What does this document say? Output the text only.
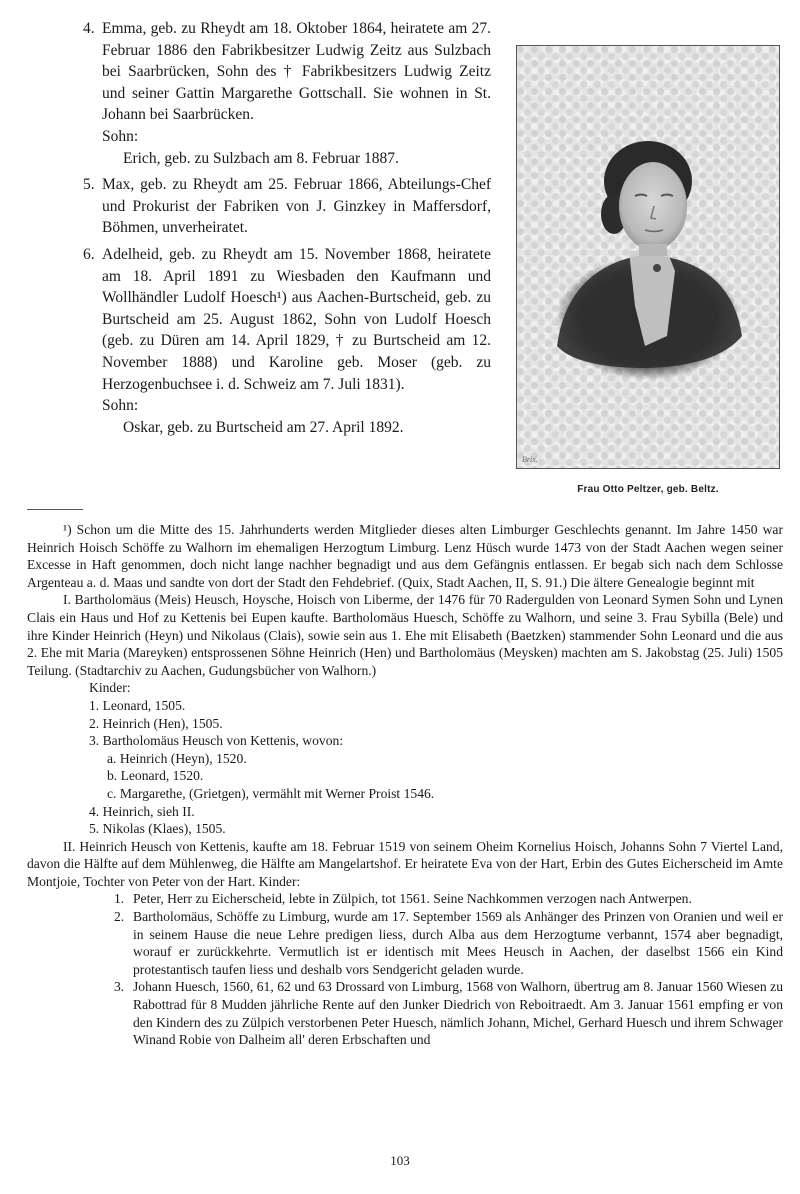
4. Emma, geb. zu Rheydt am 18. Oktober 1864, heiratete am 27. Februar 1886 den Fabrikbesitzer Ludwig Zeitz aus Sulzbach bei Saarbrücken, Sohn des † Fabrikbesitzers Ludwig Zeitz und seiner Gattin Margarethe Gottschall. Sie wohnen in St. Johann bei Saarbrücken.
Sohn:
Erich, geb. zu Sulzbach am 8. Februar 1887.
5. Max, geb. zu Rheydt am 25. Februar 1866, Abteilungs-Chef und Prokurist der Fabriken von J. Ginzkey in Maffersdorf, Böhmen, unverheiratet.
6. Adelheid, geb. zu Rheydt am 15. November 1868, heiratete am 18. April 1891 zu Wiesbaden den Kaufmann und Wollhändler Ludolf Hoesch¹) aus Aachen-Burtscheid, geb. zu Burtscheid am 25. August 1862, Sohn von Ludolf Hoesch (geb. zu Düren am 14. April 1829, † zu Burtscheid am 12. November 1888) und Karoline geb. Moser (geb. zu Herzogenbuchsee i. d. Schweiz am 7. Juli 1831).
Sohn:
Oskar, geb. zu Burtscheid am 27. April 1892.
Brix.
Frau Otto Peltzer, geb. Beltz.

¹) Schon um die Mitte des 15. Jahrhunderts werden Mitglieder dieses alten Limburger Geschlechts genannt. Im Jahre 1450 war Heinrich Hoisch Schöffe zu Walhorn im ehemaligen Herzogtum Limburg. Lenz Hüsch wurde 1473 von der Stadt Aachen wegen seiner Excesse in Haft genommen, doch nicht lange nachher begnadigt und aus dem Gefängnis entlassen. Er begab sich nach dem Schlosse Argenteau a. d. Maas und sandte von dort der Stadt den Fehdebrief. (Quix, Stadt Aachen, II, S. 91.) Die ältere Genealogie beginnt mit

I. Bartholomäus (Meis) Heusch, Hoysche, Hoisch von Liberme, der 1476 für 70 Radergulden von Leonard Symen Sohn und Lynen Clais ein Haus und Hof zu Kettenis bei Eupen kaufte. Bartholomäus Huesch, Schöffe zu Walhorn, und seine 3. Frau Sybilla (Bele) und ihre Kinder Heinrich (Heyn) und Nikolaus (Clais), sowie sein aus 1. Ehe mit Elisabeth (Baetzken) stammender Sohn Leonard und die aus 2. Ehe mit Maria (Mareyken) entsprossenen Söhne Heinrich (Hen) und Bartholomäus (Meysken) machten am S. Jakobstag (25. Juli) 1505 Teilung. (Stadtarchiv zu Aachen, Gudungsbücher von Walhorn.)

Kinder:
1. Leonard, 1505.
2. Heinrich (Hen), 1505.
3. Bartholomäus Heusch von Kettenis, wovon:
a. Heinrich (Heyn), 1520.
b. Leonard, 1520.
c. Margarethe, (Grietgen), vermählt mit Werner Proist 1546.
4. Heinrich, sieh II.
5. Nikolas (Klaes), 1505.

II. Heinrich Heusch von Kettenis, kaufte am 18. Februar 1519 von seinem Oheim Kornelius Hoisch, Johanns Sohn 7 Viertel Land, davon die Hälfte auf dem Mühlenweg, die Hälfte am Mangelartshof. Er heiratete Eva von der Hart, Erbin des Gutes Eicherscheid im Amte Montjoie, Tochter von Peter von der Hart. Kinder:

1. Peter, Herr zu Eicherscheid, lebte in Zülpich, tot 1561. Seine Nachkommen verzogen nach Antwerpen.
2. Bartholomäus, Schöffe zu Limburg, wurde am 17. September 1569 als Anhänger des Prinzen von Oranien und weil er in seinem Hause die neue Lehre predigen liess, durch Alba aus dem Herzogtume verbannt, 1574 aber begnadigt, worauf er zurückkehrte. Vermutlich ist er identisch mit Mees Heusch in Aachen, der daselbst 1566 ein Kind protestantisch taufen liess und deshalb vors Sendgericht geladen wurde.
3. Johann Huesch, 1560, 61, 62 und 63 Drossard von Limburg, 1568 von Walhorn, übertrug am 8. Januar 1560 Wiesen zu Rabottrad für 8 Mudden jährliche Rente auf den Junker Diedrich von Reboitraedt. Am 3. Januar 1561 empfing er von den Kindern des zu Zülpich verstorbenen Peter Huesch, nämlich Johann, Michel, Gerhard Huesch und ihrem Schwager Winand Robie von Dalheim all' deren Erbschaften und
103
